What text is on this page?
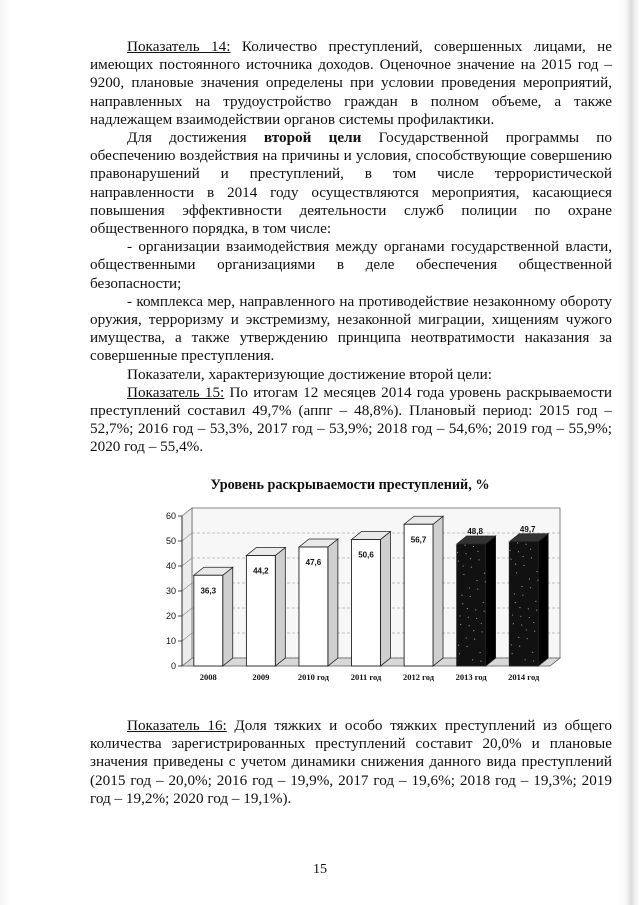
Показатель 14: Количество преступлений, совершенных лицами, не имеющих постоянного источника доходов. Оценочное значение на 2015 год – 9200, плановые значения определены при условии проведения мероприятий, направленных на трудоустройство граждан в полном объеме, а также надлежащем взаимодействии органов системы профилактики.

Для достижения второй цели Государственной программы по обеспечению воздействия на причины и условия, способствующие совершению правонарушений и преступлений, в том числе террористической направленности в 2014 году осуществляются мероприятия, касающиеся повышения эффективности деятельности служб полиции по охране общественного порядка, в том числе:

- организации взаимодействия между органами государственной власти, общественными организациями в деле обеспечения общественной безопасности;

- комплекса мер, направленного на противодействие незаконному обороту оружия, терроризму и экстремизму, незаконной миграции, хищениям чужого имущества, а также утверждению принципа неотвратимости наказания за совершенные преступления.

Показатели, характеризующие достижение второй цели:

Показатель 15: По итогам 12 месяцев 2014 года уровень раскрываемости преступлений составил 49,7% (аппг – 48,8%). Плановый период: 2015 год – 52,7%; 2016 год – 53,3%, 2017 год – 53,9%; 2018 год – 54,6%; 2019 год – 55,9%; 2020 год – 55,4%.

Уровень раскрываемости преступлений, %
0
10
20
30
40
50
60
36,3
2008
44,2
2009
47,6
2010 год
50,6
2011 год
56,7
2012 год
48,8
2013 год
49,7
2014 год

Показатель 16: Доля тяжких и особо тяжких преступлений из общего количества зарегистрированных преступлений составит 20,0% и плановые значения приведены с учетом динамики снижения данного вида преступлений (2015 год – 20,0%; 2016 год – 19,9%, 2017 год – 19,6%; 2018 год – 19,3%; 2019 год – 19,2%; 2020 год – 19,1%).

15
